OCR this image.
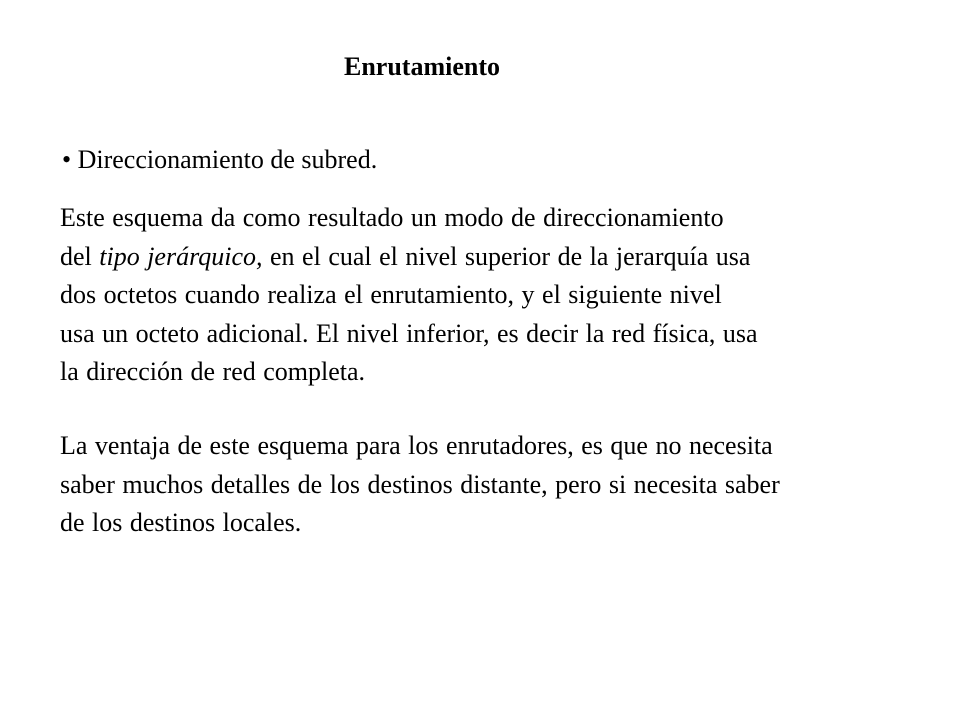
Enrutamiento
• Direccionamiento de subred.
Este esquema da como resultado un modo de direccionamiento
del tipo jerárquico, en el cual el nivel superior de la jerarquía usa
dos octetos cuando realiza el enrutamiento, y el siguiente nivel
usa un octeto adicional. El nivel inferior, es decir la red física, usa
la dirección de red completa.
La ventaja de este esquema para los enrutadores, es que no necesita
saber muchos detalles de los destinos distante, pero si necesita saber
de los destinos locales.
